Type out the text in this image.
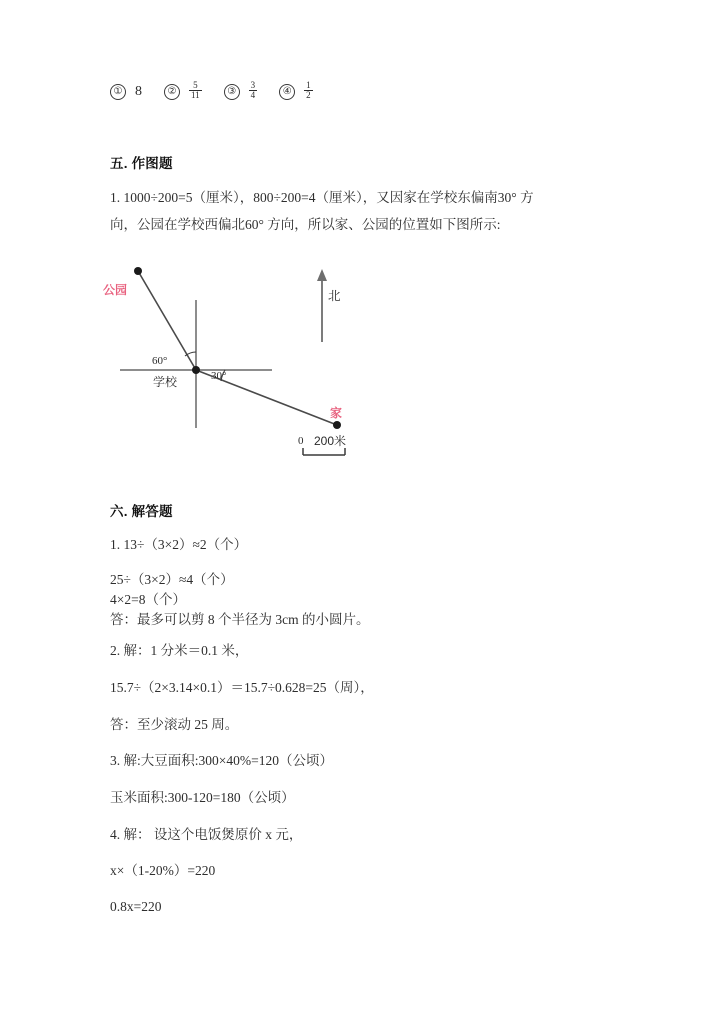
① 8	②	$\frac{5}{11}$	③	$\frac{3}{4}$	④	$\frac{1}{2}$
五. 作图题
1. 1000÷200=5（厘米），800÷200=4（厘米），又因家在学校东偏南30° 方
向，公园在学校西偏北60° 方向，所以家、公园的位置如下图所示:
公园	北
60°
30°
学校
家
0 200米
六. 解答题
1. 13÷（3×2）≈2（个）
25÷（3×2）≈4（个）
4×2=8（个）
答：最多可以剪 8 个半径为 3cm 的小圆片。
2. 解：1 分米＝0.1 米，
15.7÷（2×3.14×0.1）＝15.7÷0.628=25（周），
答：至少滚动 25 周。
3. 解:大豆面积:300×40%=120（公顷）
玉米面积:300-120=180（公顷）
4. 解： 设这个电饭煲原价 x 元，
x×（1-20%）=220
0.8x=220
